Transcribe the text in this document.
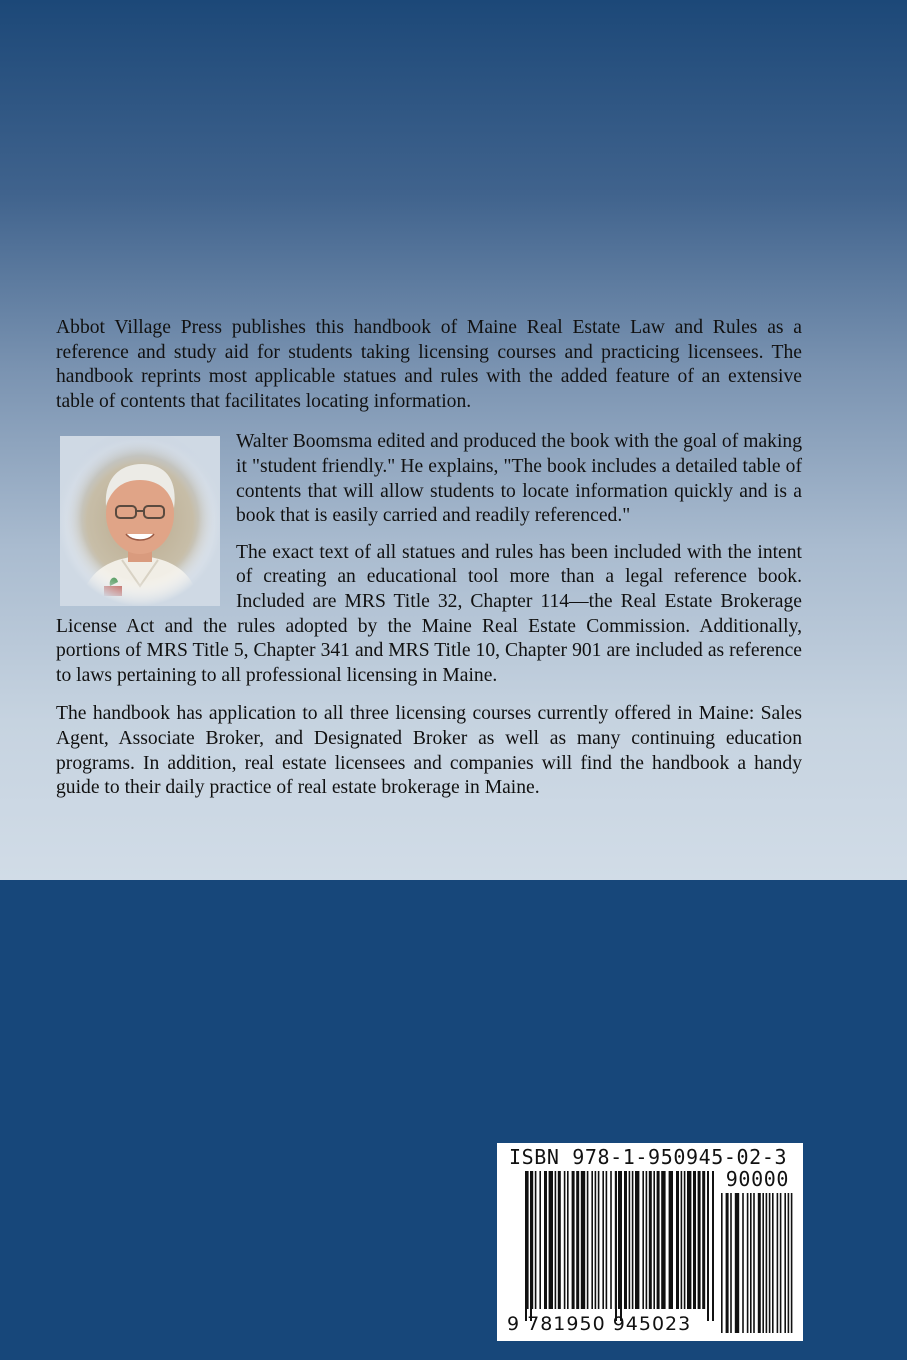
Abbot Village Press publishes this handbook of Maine Real Estate Law and Rules as a reference and study aid for students taking licensing courses and practicing licensees. The handbook reprints most applicable statues and rules with the added feature of an extensive table of contents that facilitates locating information.

Walter Boomsma edited and produced the book with the goal of making it "student friendly." He explains, "The book includes a detailed table of contents that will allow students to locate information quickly and is a book that is easily carried and readily referenced."

The exact text of all statues and rules has been included with the intent of creating an educational tool more than a legal reference book. Included are MRS Title 32, Chapter 114—the Real Estate Brokerage License Act and the rules adopted by the Maine Real Estate Commission. Additionally, portions of MRS Title 5, Chapter 341 and MRS Title 10, Chapter 901 are included as reference to laws pertaining to all professional licensing in Maine.

The handbook has application to all three licensing courses currently offered in Maine: Sales Agent, Associate Broker, and Designated Broker as well as many continuing education programs. In addition, real estate licensees and companies will find the handbook a handy guide to their daily practice of real estate brokerage in Maine.

ISBN 978-1-950945-02-3
90000
9 781950 945023
